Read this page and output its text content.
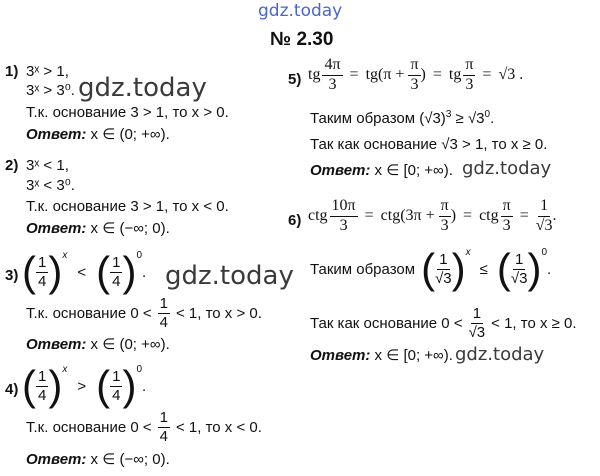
gdz.today
gdz.today
gdz.today
gdz.today
gdz.today
№ 2.30
1) 3ˣ > 1,
3ˣ > 3⁰.
Т.к. основание 3 > 1, то x > 0.
Ответ: x ∈ (0; +∞).
2) 3ˣ < 1,
3ˣ < 3⁰.
Т.к. основание 3 > 1, то x < 0.
Ответ: x ∈ (−∞; 0).
3) ( $\frac{1}{4}$ ) x
< ( $\frac{1}{4}$ ) 0
.
Т.к. основание $0 < \frac{1}{4} < 1$, то x > 0.
Ответ: x ∈ (0; +∞).
4) ( $\frac{1}{4}$ ) x
> ( $\frac{1}{4}$ ) 0
.
Т.к. основание $0 < \frac{1}{4} < 1$, то x < 0.
Ответ: x ∈ (−∞; 0).
5) tg $\frac{4\pi}{3} = tg(\pi + \frac{\pi}{3}$ ) = tg $\frac{\pi}{3} = √3$ .
Таким образом $(√3)^3 \ge √3^0$.
Так как основание √3 > 1, то x ≥ 0.
Ответ: x ∈ [0; +∞).
6) ctg $\frac{10\pi}{3} = ctg(3\pi + \frac{\pi}{3}$ ) = ctg $\frac{\pi}{3} = \frac{1}{√3}$ .
Таким образом ( $\frac{1}{√3}$ ) x
≤ ( $\frac{1}{√3}$ ) 0
.
Так как основание $0 < \frac{1}{√3} < 1$, то x ≥ 0.
Ответ: x ∈ [0; +∞).
